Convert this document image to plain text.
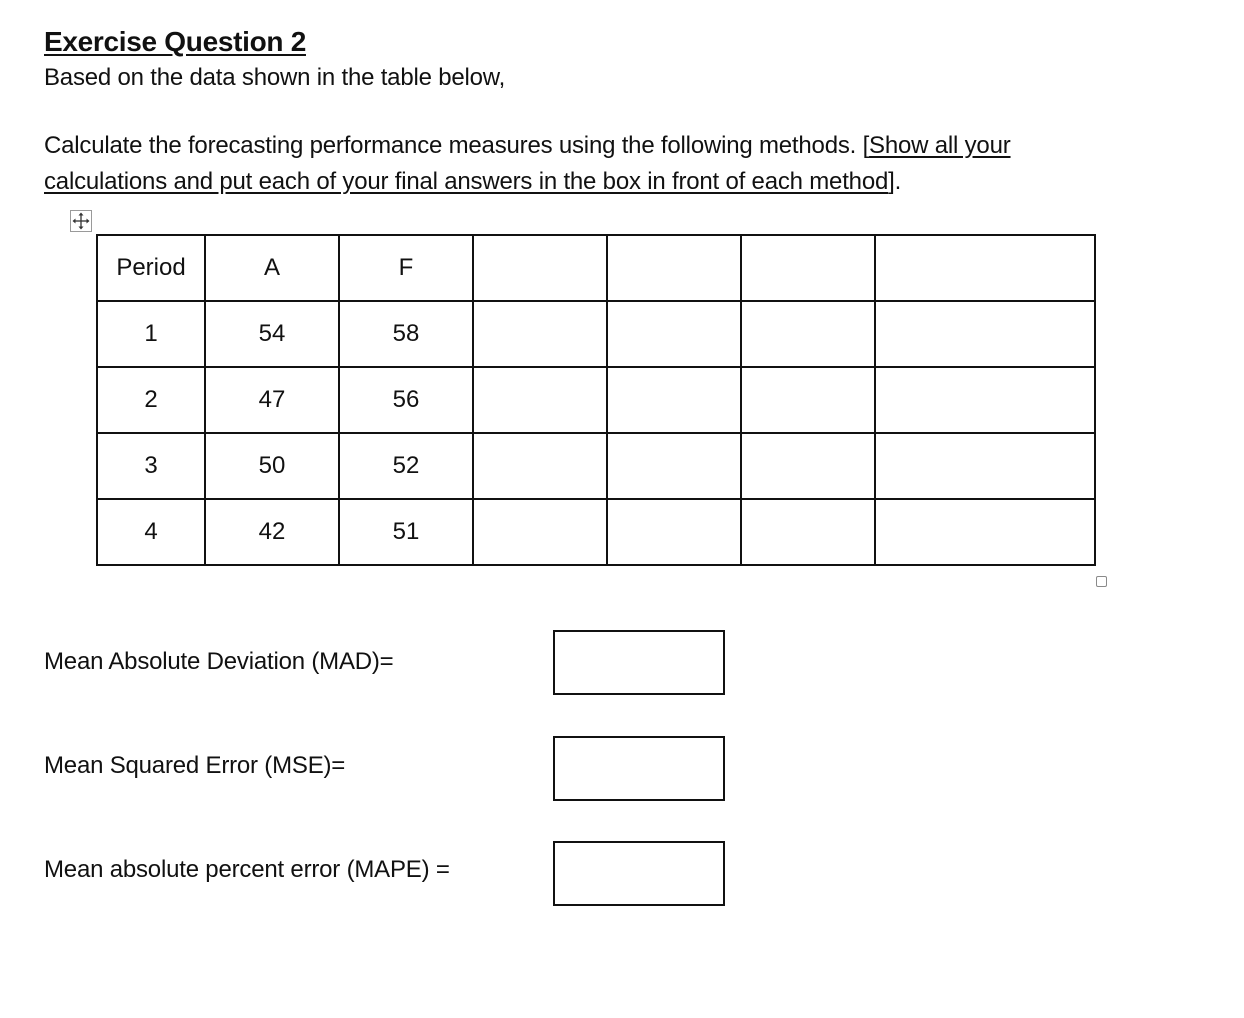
Exercise Question 2
Based on the data shown in the table below,
Calculate the forecasting performance measures using the following methods. [Show all your
calculations and put each of your final answers in the box in front of each method].
Period	A	F				
1	54	58				
2	47	56				
3	50	52				
4	42	51				
Mean Absolute Deviation (MAD)=
Mean Squared Error (MSE)=
Mean absolute percent error (MAPE) =
